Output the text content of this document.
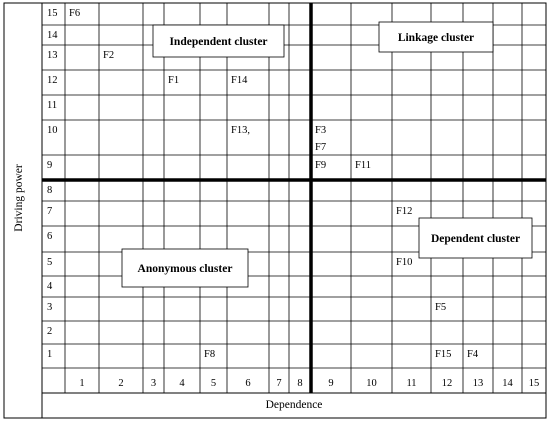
1
2
3
4
5
6
7
8
9
10
11
12
13
14
15
1	2	3 4	5	6 7 8 9	10	11 12 13 14 15
F6
F2
F1	F14
F13,	F3
F7
F9	F11
F12
F10
F5
F8	F15 F4
Independent cluster	Linkage cluster
Anonymous cluster
Dependent cluster
Dependence
Driving power
